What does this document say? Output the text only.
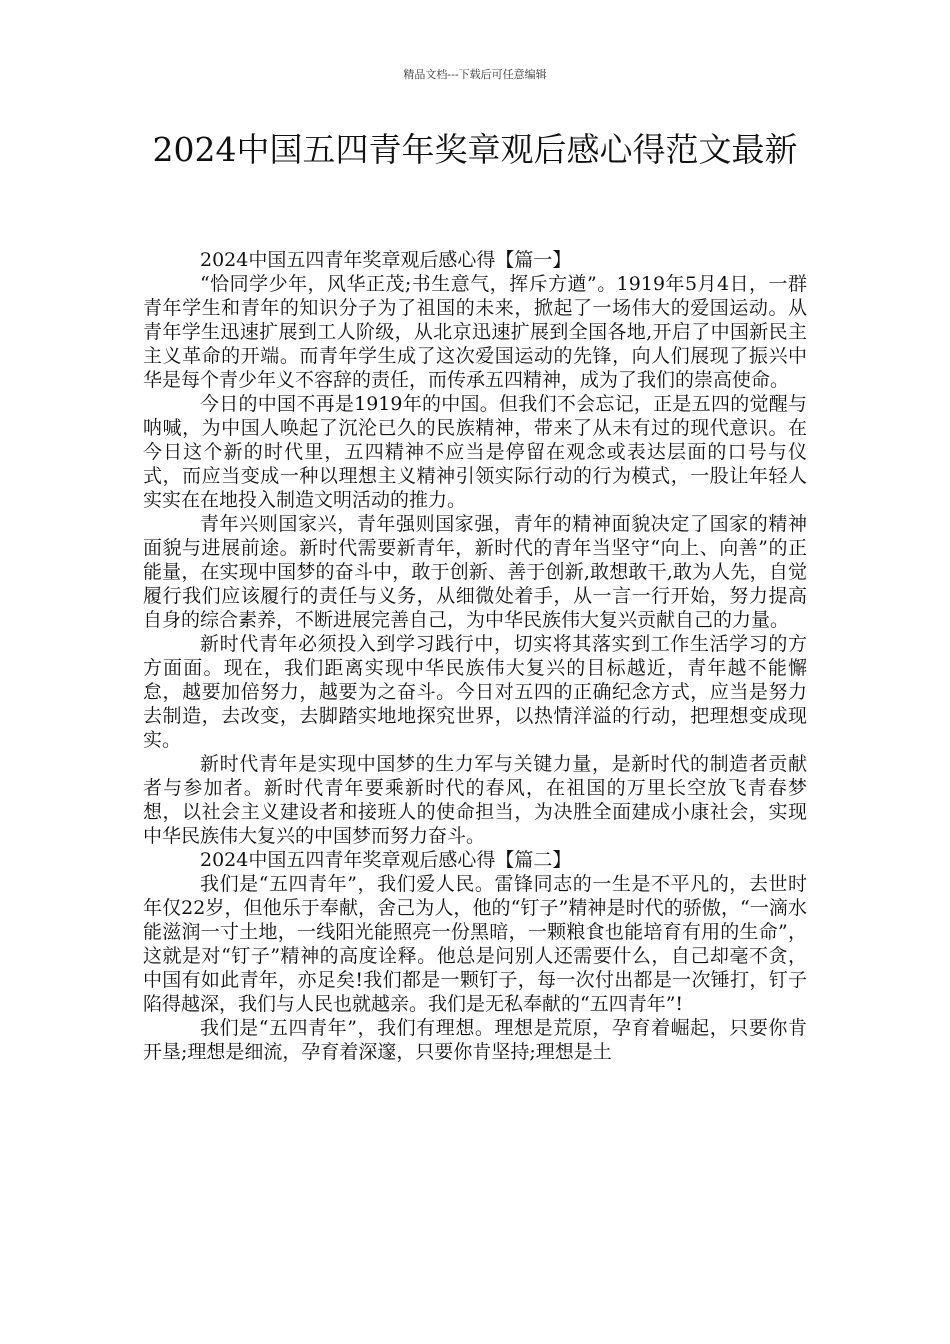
精品文档---下载后可任意编辑
2024中国五四青年奖章观后感心得范文最新

2024中国五四青年奖章观后感心得【篇一】

“恰同学少年，风华正茂;书生意气，挥斥方遒”。1919年5月4日，一群青年学生和青年的知识分子为了祖国的未来，掀起了一场伟大的爱国运动。从青年学生迅速扩展到工人阶级，从北京迅速扩展到全国各地,开启了中国新民主主义革命的开端。而青年学生成了这次爱国运动的先锋，向人们展现了振兴中华是每个青少年义不容辞的责任，而传承五四精神，成为了我们的崇高使命。

今日的中国不再是1919年的中国。但我们不会忘记，正是五四的觉醒与呐喊，为中国人唤起了沉沦已久的民族精神，带来了从未有过的现代意识。在今日这个新的时代里，五四精神不应当是停留在观念或表达层面的口号与仪式，而应当变成一种以理想主义精神引领实际行动的行为模式，一股让年轻人实实在在地投入制造文明活动的推力。

青年兴则国家兴，青年强则国家强，青年的精神面貌决定了国家的精神面貌与进展前途。新时代需要新青年，新时代的青年当坚守“向上、向善”的正能量，在实现中国梦的奋斗中，敢于创新、善于创新,敢想敢干,敢为人先，自觉履行我们应该履行的责任与义务，从细微处着手，从一言一行开始，努力提高自身的综合素养，不断进展完善自己，为中华民族伟大复兴贡献自己的力量。

新时代青年必须投入到学习践行中，切实将其落实到工作生活学习的方方面面。现在，我们距离实现中华民族伟大复兴的目标越近，青年越不能懈怠，越要加倍努力，越要为之奋斗。今日对五四的正确纪念方式，应当是努力去制造，去改变，去脚踏实地地探究世界，以热情洋溢的行动，把理想变成现实。

新时代青年是实现中国梦的生力军与关键力量，是新时代的制造者贡献者与参加者。新时代青年要乘新时代的春风，在祖国的万里长空放飞青春梦想，以社会主义建设者和接班人的使命担当，为决胜全面建成小康社会，实现中华民族伟大复兴的中国梦而努力奋斗。

2024中国五四青年奖章观后感心得【篇二】

我们是“五四青年”，我们爱人民。雷锋同志的一生是不平凡的，去世时年仅22岁，但他乐于奉献，舍己为人，他的“钉子”精神是时代的骄傲，“一滴水能滋润一寸土地，一线阳光能照亮一份黑暗，一颗粮食也能培育有用的生命”，这就是对“钉子”精神的高度诠释。他总是问别人还需要什么，自己却毫不贪，中国有如此青年，亦足矣!我们都是一颗钉子，每一次付出都是一次锤打，钉子陷得越深，我们与人民也就越亲。我们是无私奉献的“五四青年”!

我们是“五四青年”，我们有理想。理想是荒原，孕育着崛起，只要你肯开垦;理想是细流，孕育着深邃，只要你肯坚持;理想是土
